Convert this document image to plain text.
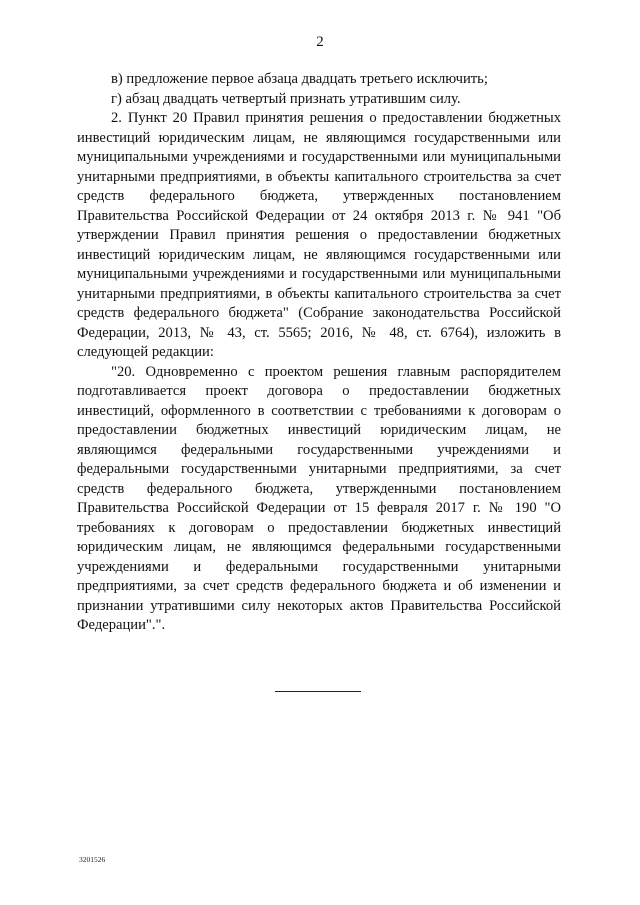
2

в) предложение первое абзаца двадцать третьего исключить;

г) абзац двадцать четвертый признать утратившим силу.

2. Пункт 20 Правил принятия решения о предоставлении бюджетных инвестиций юридическим лицам, не являющимся государственными или муниципальными учреждениями и государственными или муниципальными унитарными предприятиями, в объекты капитального строительства за счет средств федерального бюджета, утвержденных постановлением Правительства Российской Федерации от 24 октября 2013 г. № 941 "Об утверждении Правил принятия решения о предоставлении бюджетных инвестиций юридическим лицам, не являющимся государственными или муниципальными учреждениями и государственными или муниципальными унитарными предприятиями, в объекты капитального строительства за счет средств федерального бюджета" (Собрание законодательства Российской Федерации, 2013, № 43, ст. 5565; 2016, № 48, ст. 6764), изложить в следующей редакции:

"20. Одновременно с проектом решения главным распорядителем подготавливается проект договора о предоставлении бюджетных инвестиций, оформленного в соответствии с требованиями к договорам о предоставлении бюджетных инвестиций юридическим лицам, не являющимся федеральными государственными учреждениями и федеральными государственными унитарными предприятиями, за счет средств федерального бюджета, утвержденными постановлением Правительства Российской Федерации от 15 февраля 2017 г. № 190 "О требованиях к договорам о предоставлении бюджетных инвестиций юридическим лицам, не являющимся федеральными государственными учреждениями и федеральными государственными унитарными предприятиями, за счет средств федерального бюджета и об изменении и признании утратившими силу некоторых актов Правительства Российской Федерации".".

3201526
